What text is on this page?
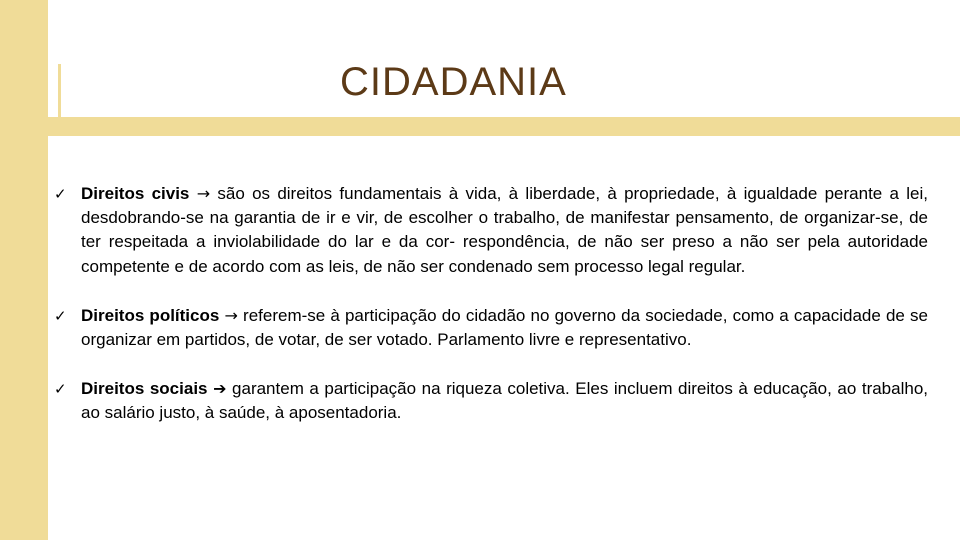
CIDADANIA
✓ Direitos civis → são os direitos fundamentais à vida, à liberdade, à propriedade, à igualdade perante a lei, desdobrando-se na garantia de ir e vir, de escolher o trabalho, de manifestar pensamento, de organizar-se, de ter respeitada a inviolabilidade do lar e da cor- respondência, de não ser preso a não ser pela autoridade competente e de acordo com as leis, de não ser condenado sem processo legal regular.
✓ Direitos políticos → referem-se à participação do cidadão no governo da sociedade, como a capacidade de se organizar em partidos, de votar, de ser votado. Parlamento livre e representativo.
✓ Direitos sociais ➔ garantem a participação na riqueza coletiva. Eles incluem direitos à educação, ao trabalho, ao salário justo, à saúde, à aposentadoria.
